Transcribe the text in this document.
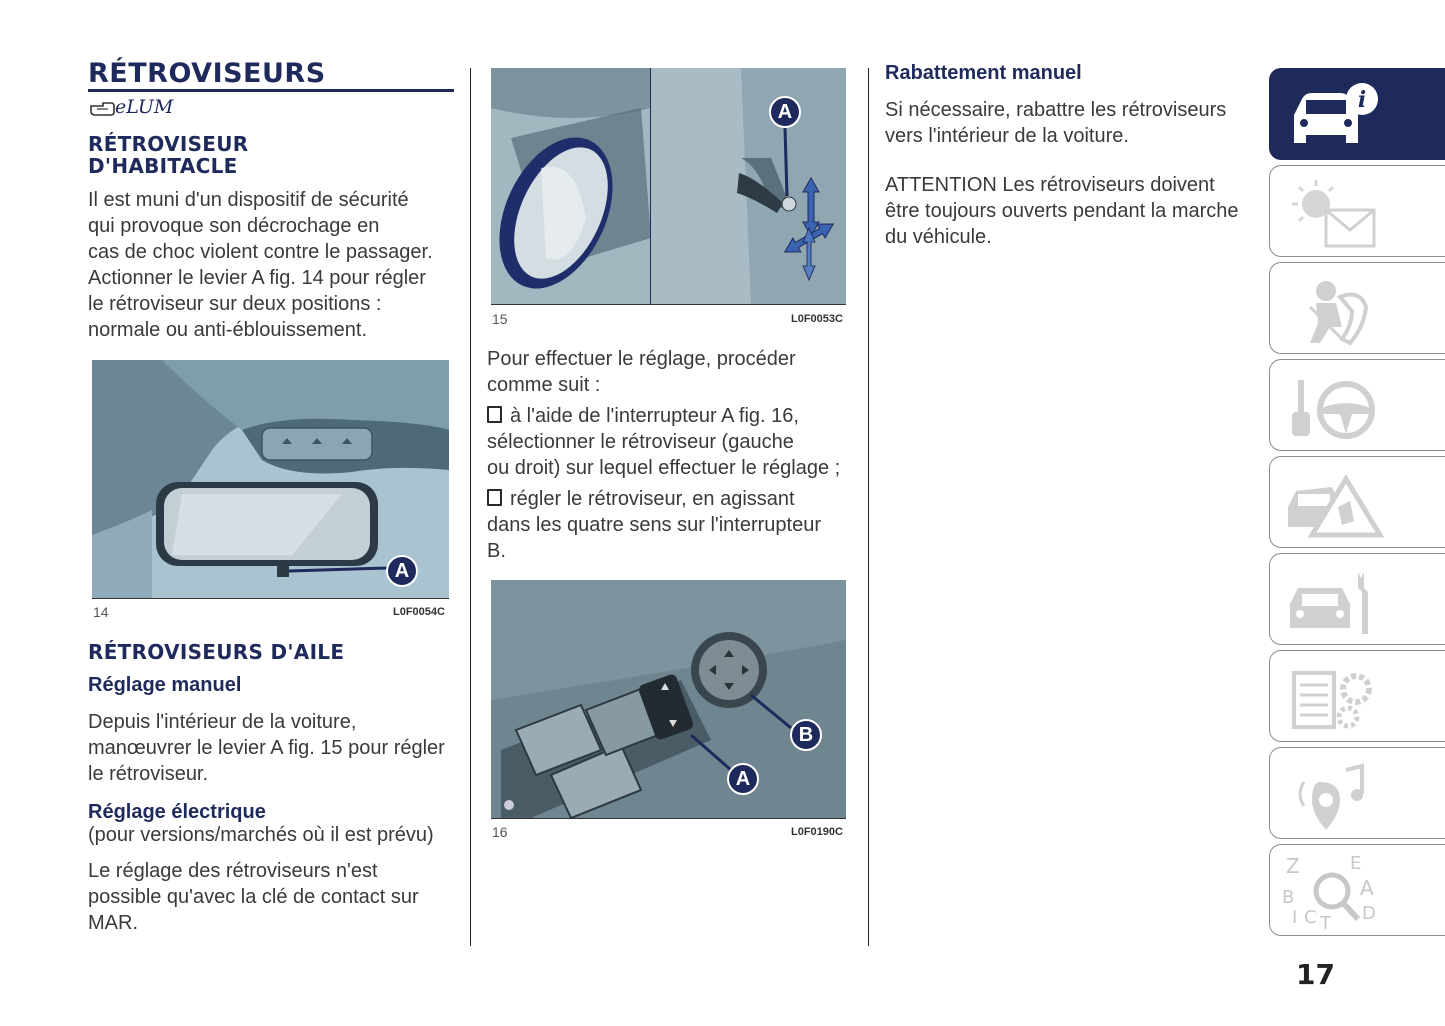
RÉTROVISEURS
eLUM
RÉTROVISEUR
D'HABITACLE
Il est muni d'un dispositif de sécurité
qui provoque son décrochage en
cas de choc violent contre le passager.
Actionner le levier A fig. 14 pour régler
le rétroviseur sur deux positions :
normale ou anti-éblouissement.
A
14	L0F0054C
RÉTROVISEURS D'AILE
Réglage manuel
Depuis l'intérieur de la voiture,
manœuvrer le levier A fig. 15 pour régler
le rétroviseur.
Réglage électrique
(pour versions/marchés où il est prévu)
Le réglage des rétroviseurs n'est
possible qu'avec la clé de contact sur
MAR.
A
15	L0F0053C
Pour effectuer le réglage, procéder
comme suit :
à l'aide de l'interrupteur A fig. 16,
sélectionner le rétroviseur (gauche
ou droit) sur lequel effectuer le réglage ;
régler le rétroviseur, en agissant
dans les quatre sens sur l'interrupteur
B.
B
A
16	L0F0190C
Rabattement manuel
Si nécessaire, rabattre les rétroviseurs
vers l'intérieur de la voiture.
ATTENTION Les rétroviseurs doivent
être toujours ouverts pendant la marche
du véhicule.
i
Z	E
B	A
I C T D
17
